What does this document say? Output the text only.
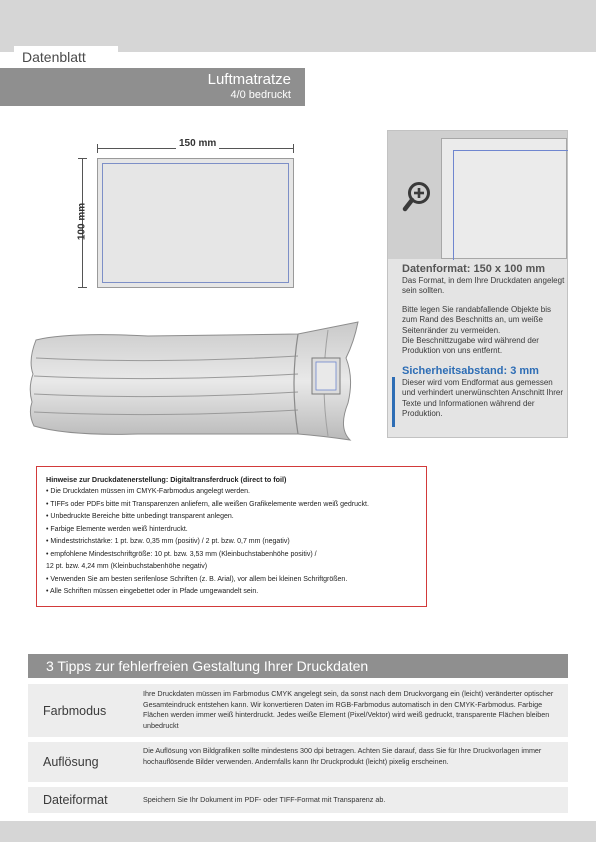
Datenblatt
Luftmatratze
4/0 bedruckt
150 mm
100 mm
Datenformat: 150 x 100 mm

Das Format, in dem Ihre Druckdaten angelegt sein sollten.

Bitte legen Sie randabfallende Objekte bis zum Rand des Beschnitts an, um weiße Seitenränder zu vermeiden.

Die Beschnittzugabe wird während der Produktion von uns entfernt.

Sicherheitsabstand: 3 mm

Dieser wird vom Endformat aus gemessen und verhindert unerwünschten Anschnitt Ihrer Texte und Informationen während der Produktion.

Hinweise zur Druckdatenerstellung: Digitaltransferdruck (direct to foil)
• Die Druckdaten müssen im CMYK-Farbmodus angelegt werden.
• TIFFs oder PDFs bitte mit Transparenzen anliefern, alle weißen Grafikelemente werden weiß gedruckt.
• Unbedruckte Bereiche bitte unbedingt transparent anlegen.
• Farbige Elemente werden weiß hinterdruckt.
• Mindeststrichstärke: 1 pt. bzw. 0,35 mm (positiv) / 2 pt. bzw. 0,7 mm (negativ)
• empfohlene Mindestschriftgröße: 10 pt. bzw. 3,53 mm (Kleinbuchstabenhöhe positiv) /
12 pt. bzw. 4,24 mm (Kleinbuchstabenhöhe negativ)
• Verwenden Sie am besten serifenlose Schriften (z. B. Arial), vor allem bei kleinen Schriftgrößen.
• Alle Schriften müssen eingebettet oder in Pfade umgewandelt sein.
3 Tipps zur fehlerfreien Gestaltung Ihrer Druckdaten
Farbmodus
Ihre Druckdaten müssen im Farbmodus CMYK angelegt sein, da sonst nach dem Druckvorgang ein (leicht) veränderter optischer Gesamteindruck entstehen kann. Wir konvertieren Daten im RGB-Farbmodus automatisch in den CMYK-Farbmodus. Farbige Flächen werden immer weiß hinterdruckt. Jedes weiße Element (Pixel/Vektor) wird weiß gedruckt, transparente Flächen bleiben unbedruckt
Auflösung
Die Auflösung von Bildgrafiken sollte mindestens 300 dpi betragen. Achten Sie darauf, dass Sie für Ihre Druckvorlagen immer hochauflösende Bilder verwenden. Andernfalls kann Ihr Druckprodukt (leicht) pixelig erscheinen.
Dateiformat	Speichern Sie Ihr Dokument im PDF- oder TIFF-Format mit Transparenz ab.
